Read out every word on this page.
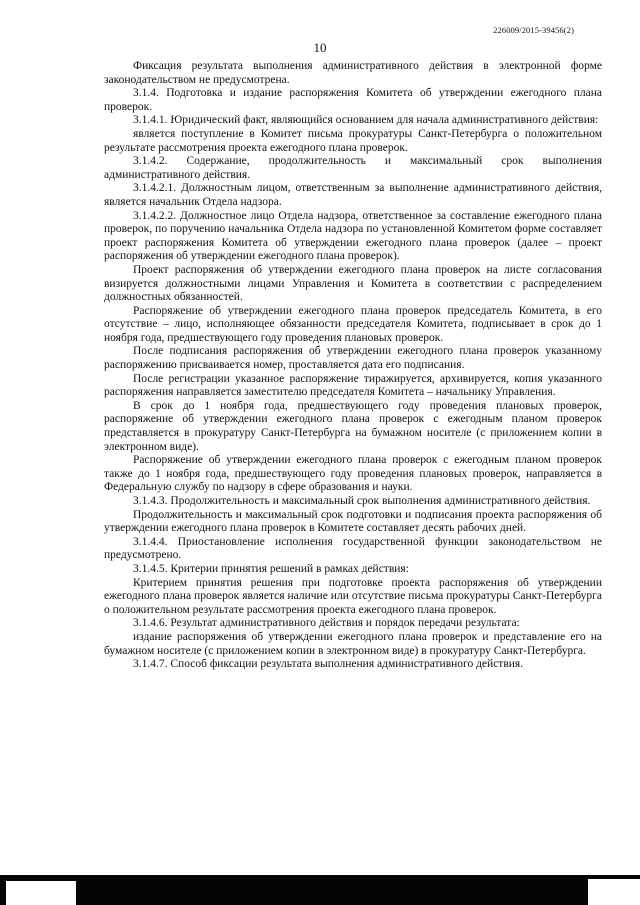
226009/2015-39456(2)
10

Фиксация результата выполнения административного действия в электронной форме законодательством не предусмотрена.

3.1.4. Подготовка и издание распоряжения Комитета об утверждении ежегодного плана проверок.

3.1.4.1. Юридический факт, являющийся основанием для начала административного действия:

является поступление в Комитет письма прокуратуры Санкт-Петербурга о положительном результате рассмотрения проекта ежегодного плана проверок.

3.1.4.2. Содержание, продолжительность и максимальный срок выполнения административного действия.

3.1.4.2.1. Должностным лицом, ответственным за выполнение административного действия, является начальник Отдела надзора.

3.1.4.2.2. Должностное лицо Отдела надзора, ответственное за составление ежегодного плана проверок, по поручению начальника Отдела надзора по установленной Комитетом форме составляет проект распоряжения Комитета об утверждении ежегодного плана проверок (далее – проект распоряжения об утверждении ежегодного плана проверок).

Проект распоряжения об утверждении ежегодного плана проверок на листе согласования визируется должностными лицами Управления и Комитета в соответствии с распределением должностных обязанностей.

Распоряжение об утверждении ежегодного плана проверок председатель Комитета, в его отсутствие – лицо, исполняющее обязанности председателя Комитета, подписывает в срок до 1 ноября года, предшествующего году проведения плановых проверок.

После подписания распоряжения об утверждении ежегодного плана проверок указанному распоряжению присваивается номер, проставляется дата его подписания.

После регистрации указанное распоряжение тиражируется, архивируется, копия указанного распоряжения направляется заместителю председателя Комитета – начальнику Управления.

В срок до 1 ноября года, предшествующего году проведения плановых проверок, распоряжение об утверждении ежегодного плана проверок с ежегодным планом проверок представляется в прокуратуру Санкт-Петербурга на бумажном носителе (с приложением копии в электронном виде).

Распоряжение об утверждении ежегодного плана проверок с ежегодным планом проверок также до 1 ноября года, предшествующего году проведения плановых проверок, направляется в Федеральную службу по надзору в сфере образования и науки.

3.1.4.3. Продолжительность и максимальный срок выполнения административного действия.

Продолжительность и максимальный срок подготовки и подписания проекта распоряжения об утверждении ежегодного плана проверок в Комитете составляет десять рабочих дней.

3.1.4.4. Приостановление исполнения государственной функции законодательством не предусмотрено.

3.1.4.5. Критерии принятия решений в рамках действия:

Критерием принятия решения при подготовке проекта распоряжения об утверждении ежегодного плана проверок является наличие или отсутствие письма прокуратуры Санкт-Петербурга о положительном результате рассмотрения проекта ежегодного плана проверок.

3.1.4.6. Результат административного действия и порядок передачи результата:

издание распоряжения об утверждении ежегодного плана проверок и представление его на бумажном носителе (с приложением копии в электронном виде) в прокуратуру Санкт-Петербурга.

3.1.4.7. Способ фиксации результата выполнения административного действия.
